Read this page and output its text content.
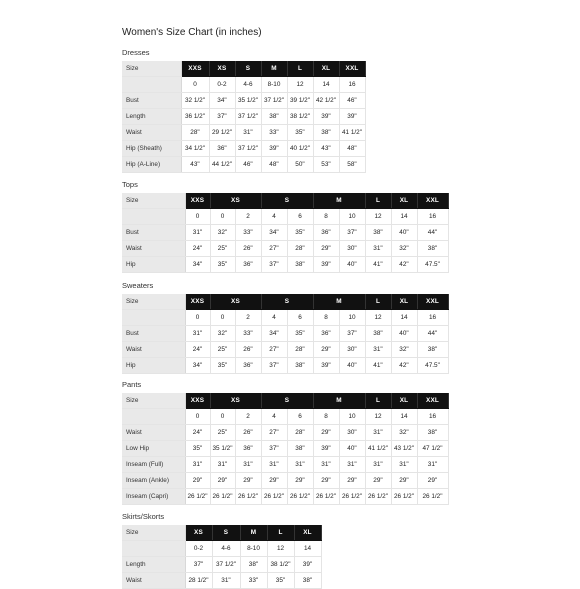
Women's Size Chart (in inches)
Dresses
Size	XXS	XS	S	M	L	XL	XXL
	0	0-2	4-6	8-10	12	14	16
Bust	32 1/2"	34"	35 1/2"	37 1/2"	39 1/2"	42 1/2"	46"
Length	36 1/2"	37"	37 1/2"	38"	38 1/2"	39"	39"
Waist	28"	29 1/2"	31"	33"	35"	38"	41 1/2"
Hip (Sheath)	34 1/2"	36"	37 1/2"	39"	40 1/2"	43"	48"
Hip (A-Line)	43"	44 1/2"	46"	48"	50"	53"	58"
Tops
Size	XXS	XS		S		M		L	XL	XXL
	0	0	2	4	6	8	10	12	14	16
Bust	31"	32"	33"	34"	35"	36"	37"	38"	40"	44"
Waist	24"	25"	26"	27"	28"	29"	30"	31"	32"	38"
Hip	34"	35"	36"	37"	38"	39"	40"	41"	42"	47.5"
Sweaters
Size	XXS	XS		S		M		L	XL	XXL
	0	0	2	4	6	8	10	12	14	16
Bust	31"	32"	33"	34"	35"	36"	37"	38"	40"	44"
Waist	24"	25"	26"	27"	28"	29"	30"	31"	32"	38"
Hip	34"	35"	36"	37"	38"	39"	40"	41"	42"	47.5"
Pants
Size	XXS	XS		S		M		L	XL	XXL
	0	0	2	4	6	8	10	12	14	16
Waist	24"	25"	26"	27"	28"	29"	30"	31"	32"	38"
Low Hip	35"	35 1/2"	36"	37"	38"	39"	40"	41 1/2"	43 1/2"	47 1/2"
Inseam (Full)	31"	31"	31"	31"	31"	31"	31"	31"	31"	31"
Inseam (Ankle)	29"	29"	29"	29"	29"	29"	29"	29"	29"	29"
Inseam (Capri)	26 1/2"	26 1/2"	26 1/2"	26 1/2"	26 1/2"	26 1/2"	26 1/2"	26 1/2"	26 1/2"	26 1/2"
Skirts/Skorts
Size	XS	S	M	L	XL
	0-2	4-6	8-10	12	14
Length	37"	37 1/2"	38"	38 1/2"	39"
Waist	28 1/2"	31"	33"	35"	38"
